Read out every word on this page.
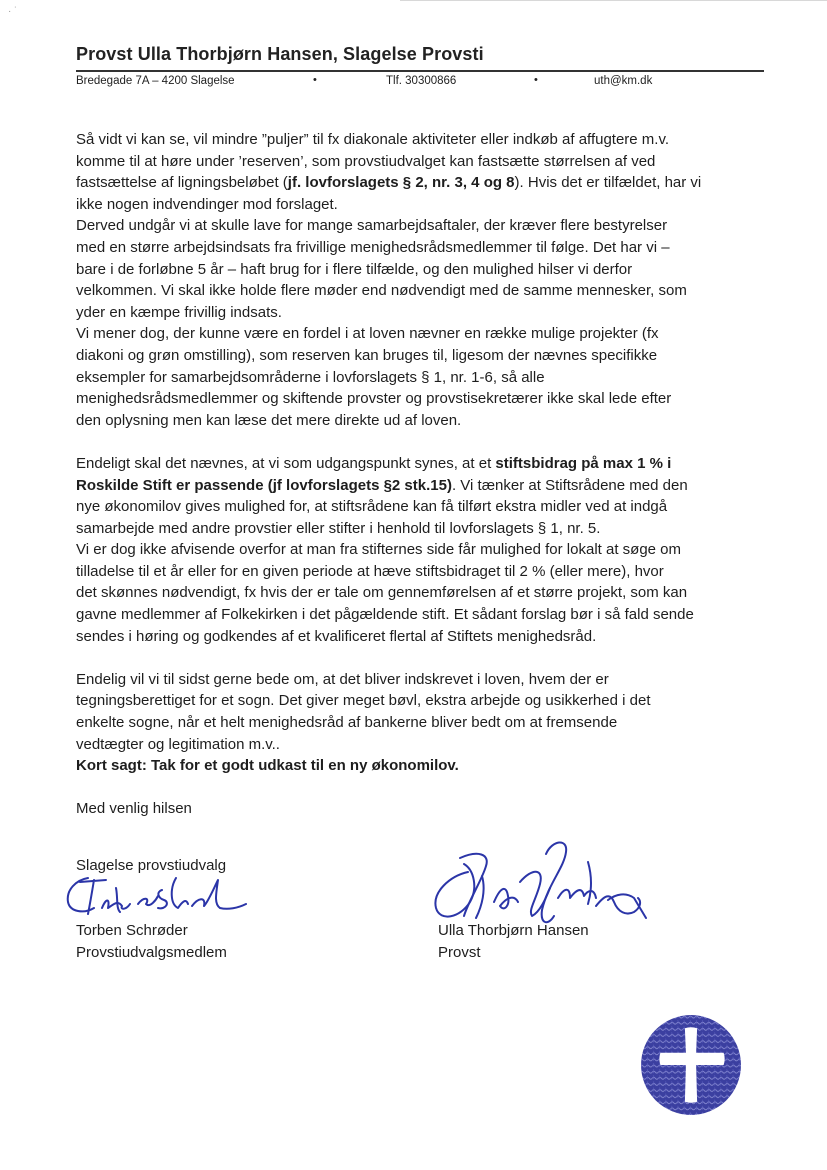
· ˙
Provst Ulla Thorbjørn Hansen, Slagelse Provsti
Bredegade 7A – 4200 Slagelse	•	Tlf. 30300866	•	uth@km.dk

Så vidt vi kan se, vil mindre ”puljer” til fx diakonale aktiviteter eller indkøb af affugtere m.v.

komme til at høre under ’reserven’, som provstiudvalget kan fastsætte størrelsen af ved

fastsættelse af ligningsbeløbet (jf. lovforslagets § 2, nr. 3, 4 og 8). Hvis det er tilfældet, har vi

ikke nogen indvendinger mod forslaget.

Derved undgår vi at skulle lave for mange samarbejdsaftaler, der kræver flere bestyrelser

med en større arbejdsindsats fra frivillige menighedsrådsmedlemmer til følge. Det har vi –

bare i de forløbne 5 år – haft brug for i flere tilfælde, og den mulighed hilser vi derfor

velkommen. Vi skal ikke holde flere møder end nødvendigt med de samme mennesker, som

yder en kæmpe frivillig indsats.

Vi mener dog, der kunne være en fordel i at loven nævner en række mulige projekter (fx

diakoni og grøn omstilling), som reserven kan bruges til, ligesom der nævnes specifikke

eksempler for samarbejdsområderne i lovforslagets § 1, nr. 1-6, så alle

menighedsrådsmedlemmer og skiftende provster og provstisekretærer ikke skal lede efter

den oplysning men kan læse det mere direkte ud af loven.

Endeligt skal det nævnes, at vi som udgangspunkt synes, at et stiftsbidrag på max 1 % i

Roskilde Stift er passende (jf lovforslagets §2 stk.15). Vi tænker at Stiftsrådene med den

nye økonomilov gives mulighed for, at stiftsrådene kan få tilført ekstra midler ved at indgå

samarbejde med andre provstier eller stifter i henhold til lovforslagets § 1, nr. 5.

Vi er dog ikke afvisende overfor at man fra stifternes side får mulighed for lokalt at søge om

tilladelse til et år eller for en given periode at hæve stiftsbidraget til 2 % (eller mere), hvor

det skønnes nødvendigt, fx hvis der er tale om gennemførelsen af et større projekt, som kan

gavne medlemmer af Folkekirken i det pågældende stift. Et sådant forslag bør i så fald sende

sendes i høring og godkendes af et kvalificeret flertal af Stiftets menighedsråd.

Endelig vil vi til sidst gerne bede om, at det bliver indskrevet i loven, hvem der er

tegningsberettiget for et sogn. Det giver meget bøvl, ekstra arbejde og usikkerhed i det

enkelte sogne, når et helt menighedsråd af bankerne bliver bedt om at fremsende

vedtægter og legitimation m.v..

Kort sagt: Tak for et godt udkast til en ny økonomilov.

Med venlig hilsen

Slagelse provstiudvalg
Torben Schrøder
Provstiudvalgsmedlem
Ulla Thorbjørn Hansen
Provst
